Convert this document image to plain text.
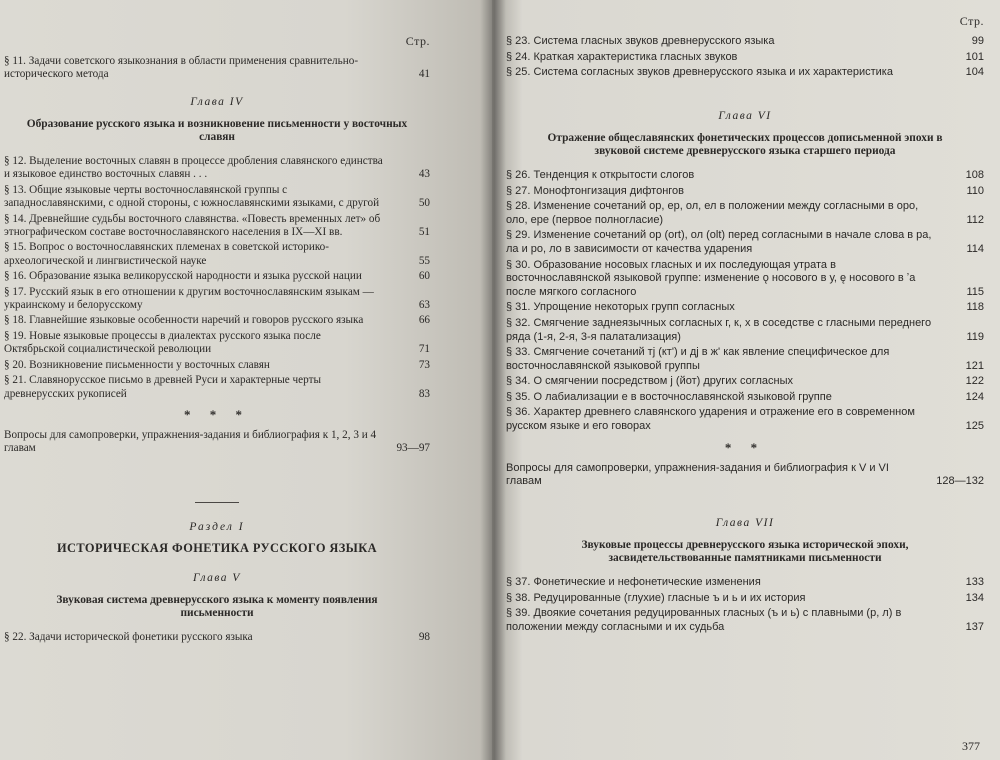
Стр.
§ 11. Задачи советского языкознания в области применения сравнительно-исторического метода	41
Глава IV
Образование русского языка и возникновение письменности у восточных славян
§ 12. Выделение восточных славян в процессе дробления славянского единства и языковое единство восточных славян . . .	43
§ 13. Общие языковые черты восточнославянской группы с западнославянскими, с одной стороны, с южнославянскими языками, с другой	50
§ 14. Древнейшие судьбы восточного славянства. «Повесть временных лет» об этнографическом составе восточнославянского населения в IX—XI вв.	51
§ 15. Вопрос о восточнославянских племенах в советской историко-археологической и лингвистической науке	55
§ 16. Образование языка великорусской народности и языка русской нации	60
§ 17. Русский язык в его отношении к другим восточнославянским языкам — украинскому и белорусскому	63
§ 18. Главнейшие языковые особенности наречий и говоров русского языка	66
§ 19. Новые языковые процессы в диалектах русского языка после Октябрьской социалистической революции	71
§ 20. Возникновение письменности у восточных славян	73
§ 21. Славянорусское письмо в древней Руси и характерные черты древнерусских рукописей	83
* * *
Вопросы для самопроверки, упражнения-задания и библиография к 1, 2, 3 и 4 главам	93—97
Раздел I
ИСТОРИЧЕСКАЯ ФОНЕТИКА РУССКОГО ЯЗЫКА
Глава V
Звуковая система древнерусского языка к моменту появления письменности
§ 22. Задачи исторической фонетики русского языка	98
Стр.
§ 23. Система гласных звуков древнерусского языка	99
§ 24. Краткая характеристика гласных звуков	101
§ 25. Система согласных звуков древнерусского языка и их характеристика	104
Глава VI
Отражение общеславянских фонетических процессов дописьменной эпохи в звуковой системе древнерусского языка старшего периода
§ 26. Тенденция к открытости слогов	108
§ 27. Монофтонгизация дифтонгов	110
§ 28. Изменение сочетаний ор, ер, ол, ел в положении между согласными в оро, оло, ере (первое полногласие)	112
§ 29. Изменение сочетаний ор (ort), ол (olt) перед согласными в начале слова в ра, ла и ро, ло в зависимости от качества ударения	114
§ 30. Образование носовых гласных и их последующая утрата в восточнославянской языковой группе: изменение ǫ носового в у, ę носового в ʼа после мягкого согласного	115
§ 31. Упрощение некоторых групп согласных	118
§ 32. Смягчение заднеязычных согласных г, к, х в соседстве с гласными переднего ряда (1-я, 2-я, 3-я палатализация)	119
§ 33. Смягчение сочетаний тj (кт') и дj в ж' как явление специфическое для восточнославянской языковой группы	121
§ 34. О смягчении посредством j (йот) других согласных	122
§ 35. О лабиализации е в восточнославянской языковой группе	124
§ 36. Характер древнего славянского ударения и отражение его в современном русском языке и его говорах	125
* *
Вопросы для самопроверки, упражнения-задания и библиография к V и VI главам	128—132
Глава VII
Звуковые процессы древнерусского языка исторической эпохи, засвидетельствованные памятниками письменности
§ 37. Фонетические и нефонетические изменения	133
§ 38. Редуцированные (глухие) гласные ъ и ь и их история	134
§ 39. Двоякие сочетания редуцированных гласных (ъ и ь) с плавными (р, л) в положении между согласными и их судьба	137
377
